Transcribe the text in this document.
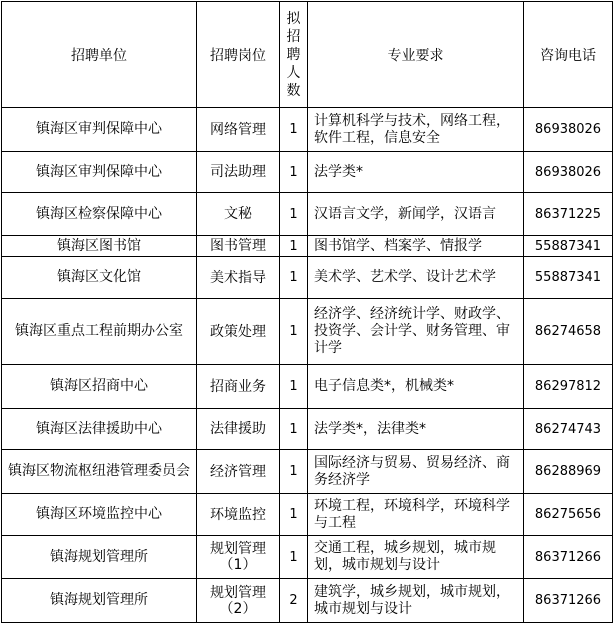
招聘单位	招聘岗位	拟招聘人数	专业要求	咨询电话
镇海区审判保障中心	网络管理	1	计算机科学与技术，网络工程，软件工程，信息安全	86938026
镇海区审判保障中心	司法助理	1	法学类*	86938026
镇海区检察保障中心	文秘	1	汉语言文学，新闻学，汉语言	86371225
镇海区图书馆	图书管理	1	图书馆学、档案学、情报学	55887341
镇海区文化馆	美术指导	1	美术学、艺术学、设计艺术学	55887341
镇海区重点工程前期办公室	政策处理	1	经济学、经济统计学、财政学、投资学、会计学、财务管理、审计学	86274658
镇海区招商中心	招商业务	1	电子信息类*，机械类*	86297812
镇海区法律援助中心	法律援助	1	法学类*，法律类*	86274743
镇海区物流枢纽港管理委员会	经济管理	1	国际经济与贸易、贸易经济、商务经济学	86288969
镇海区环境监控中心	环境监控	1	环境工程，环境科学，环境科学与工程	86275656
镇海规划管理所	规划管理（1）	1	交通工程，城乡规划，城市规划，城市规划与设计	86371266
镇海规划管理所	规划管理（2）	2	建筑学，城乡规划，城市规划，城市规划与设计	86371266
